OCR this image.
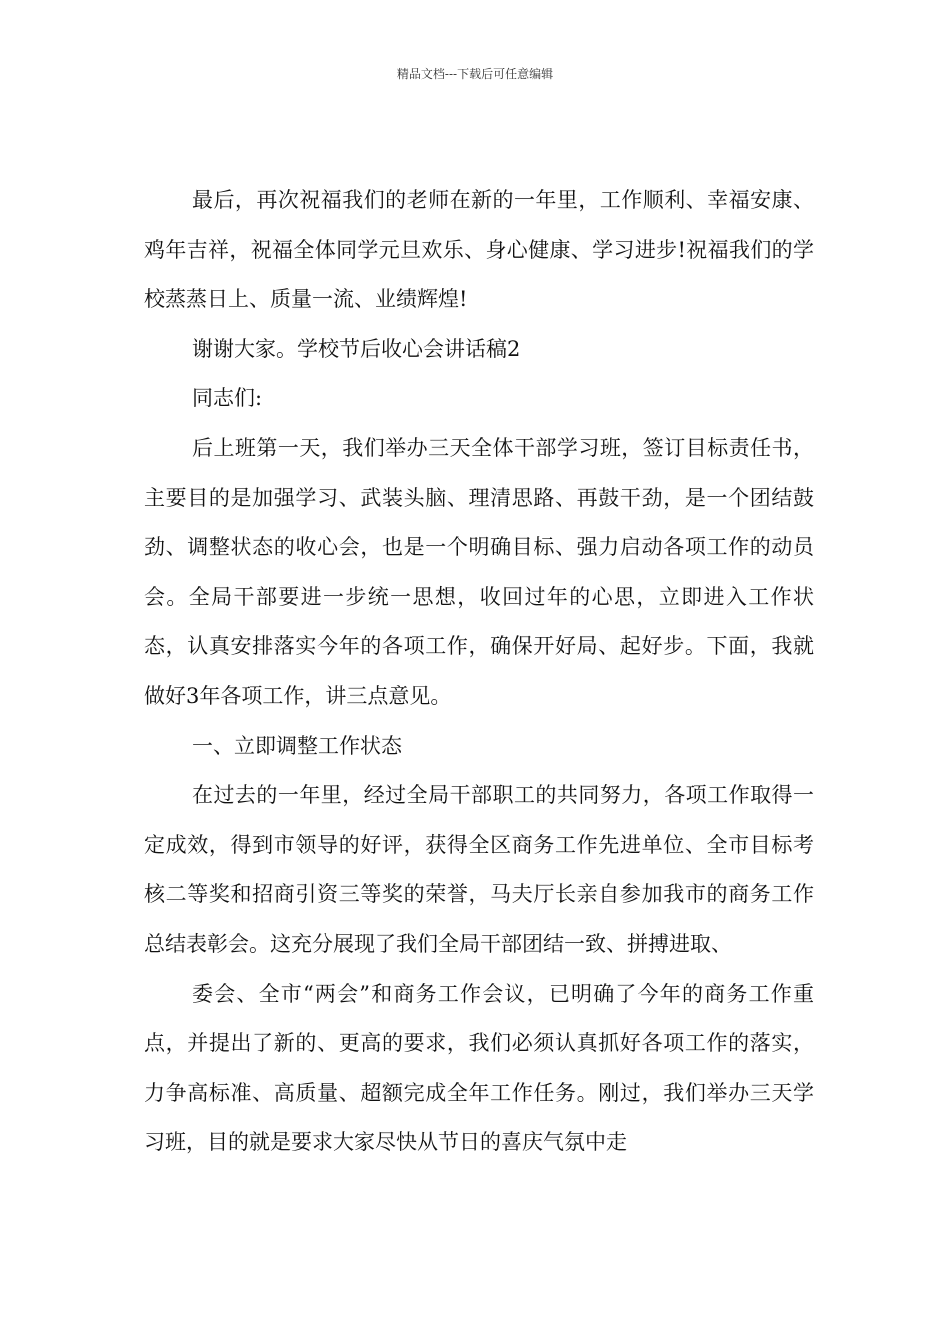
精品文档---下载后可任意编辑

最后，再次祝福我们的老师在新的一年里，工作顺利、幸福安康、鸡年吉祥，祝福全体同学元旦欢乐、身心健康、学习进步!祝福我们的学校蒸蒸日上、质量一流、业绩辉煌!

谢谢大家。学校节后收心会讲话稿2

同志们:

后上班第一天，我们举办三天全体干部学习班，签订目标责任书，主要目的是加强学习、武装头脑、理清思路、再鼓干劲，是一个团结鼓劲、调整状态的收心会，也是一个明确目标、强力启动各项工作的动员会。全局干部要进一步统一思想，收回过年的心思，立即进入工作状态，认真安排落实今年的各项工作，确保开好局、起好步。下面，我就做好3年各项工作，讲三点意见。

一、立即调整工作状态

在过去的一年里，经过全局干部职工的共同努力，各项工作取得一定成效，得到市领导的好评，获得全区商务工作先进单位、全市目标考核二等奖和招商引资三等奖的荣誉，马夫厅长亲自参加我市的商务工作总结表彰会。这充分展现了我们全局干部团结一致、拼搏进取、

委会、全市“两会”和商务工作会议，已明确了今年的商务工作重点，并提出了新的、更高的要求，我们必须认真抓好各项工作的落实，力争高标准、高质量、超额完成全年工作任务。刚过，我们举办三天学习班，目的就是要求大家尽快从节日的喜庆气氛中走
